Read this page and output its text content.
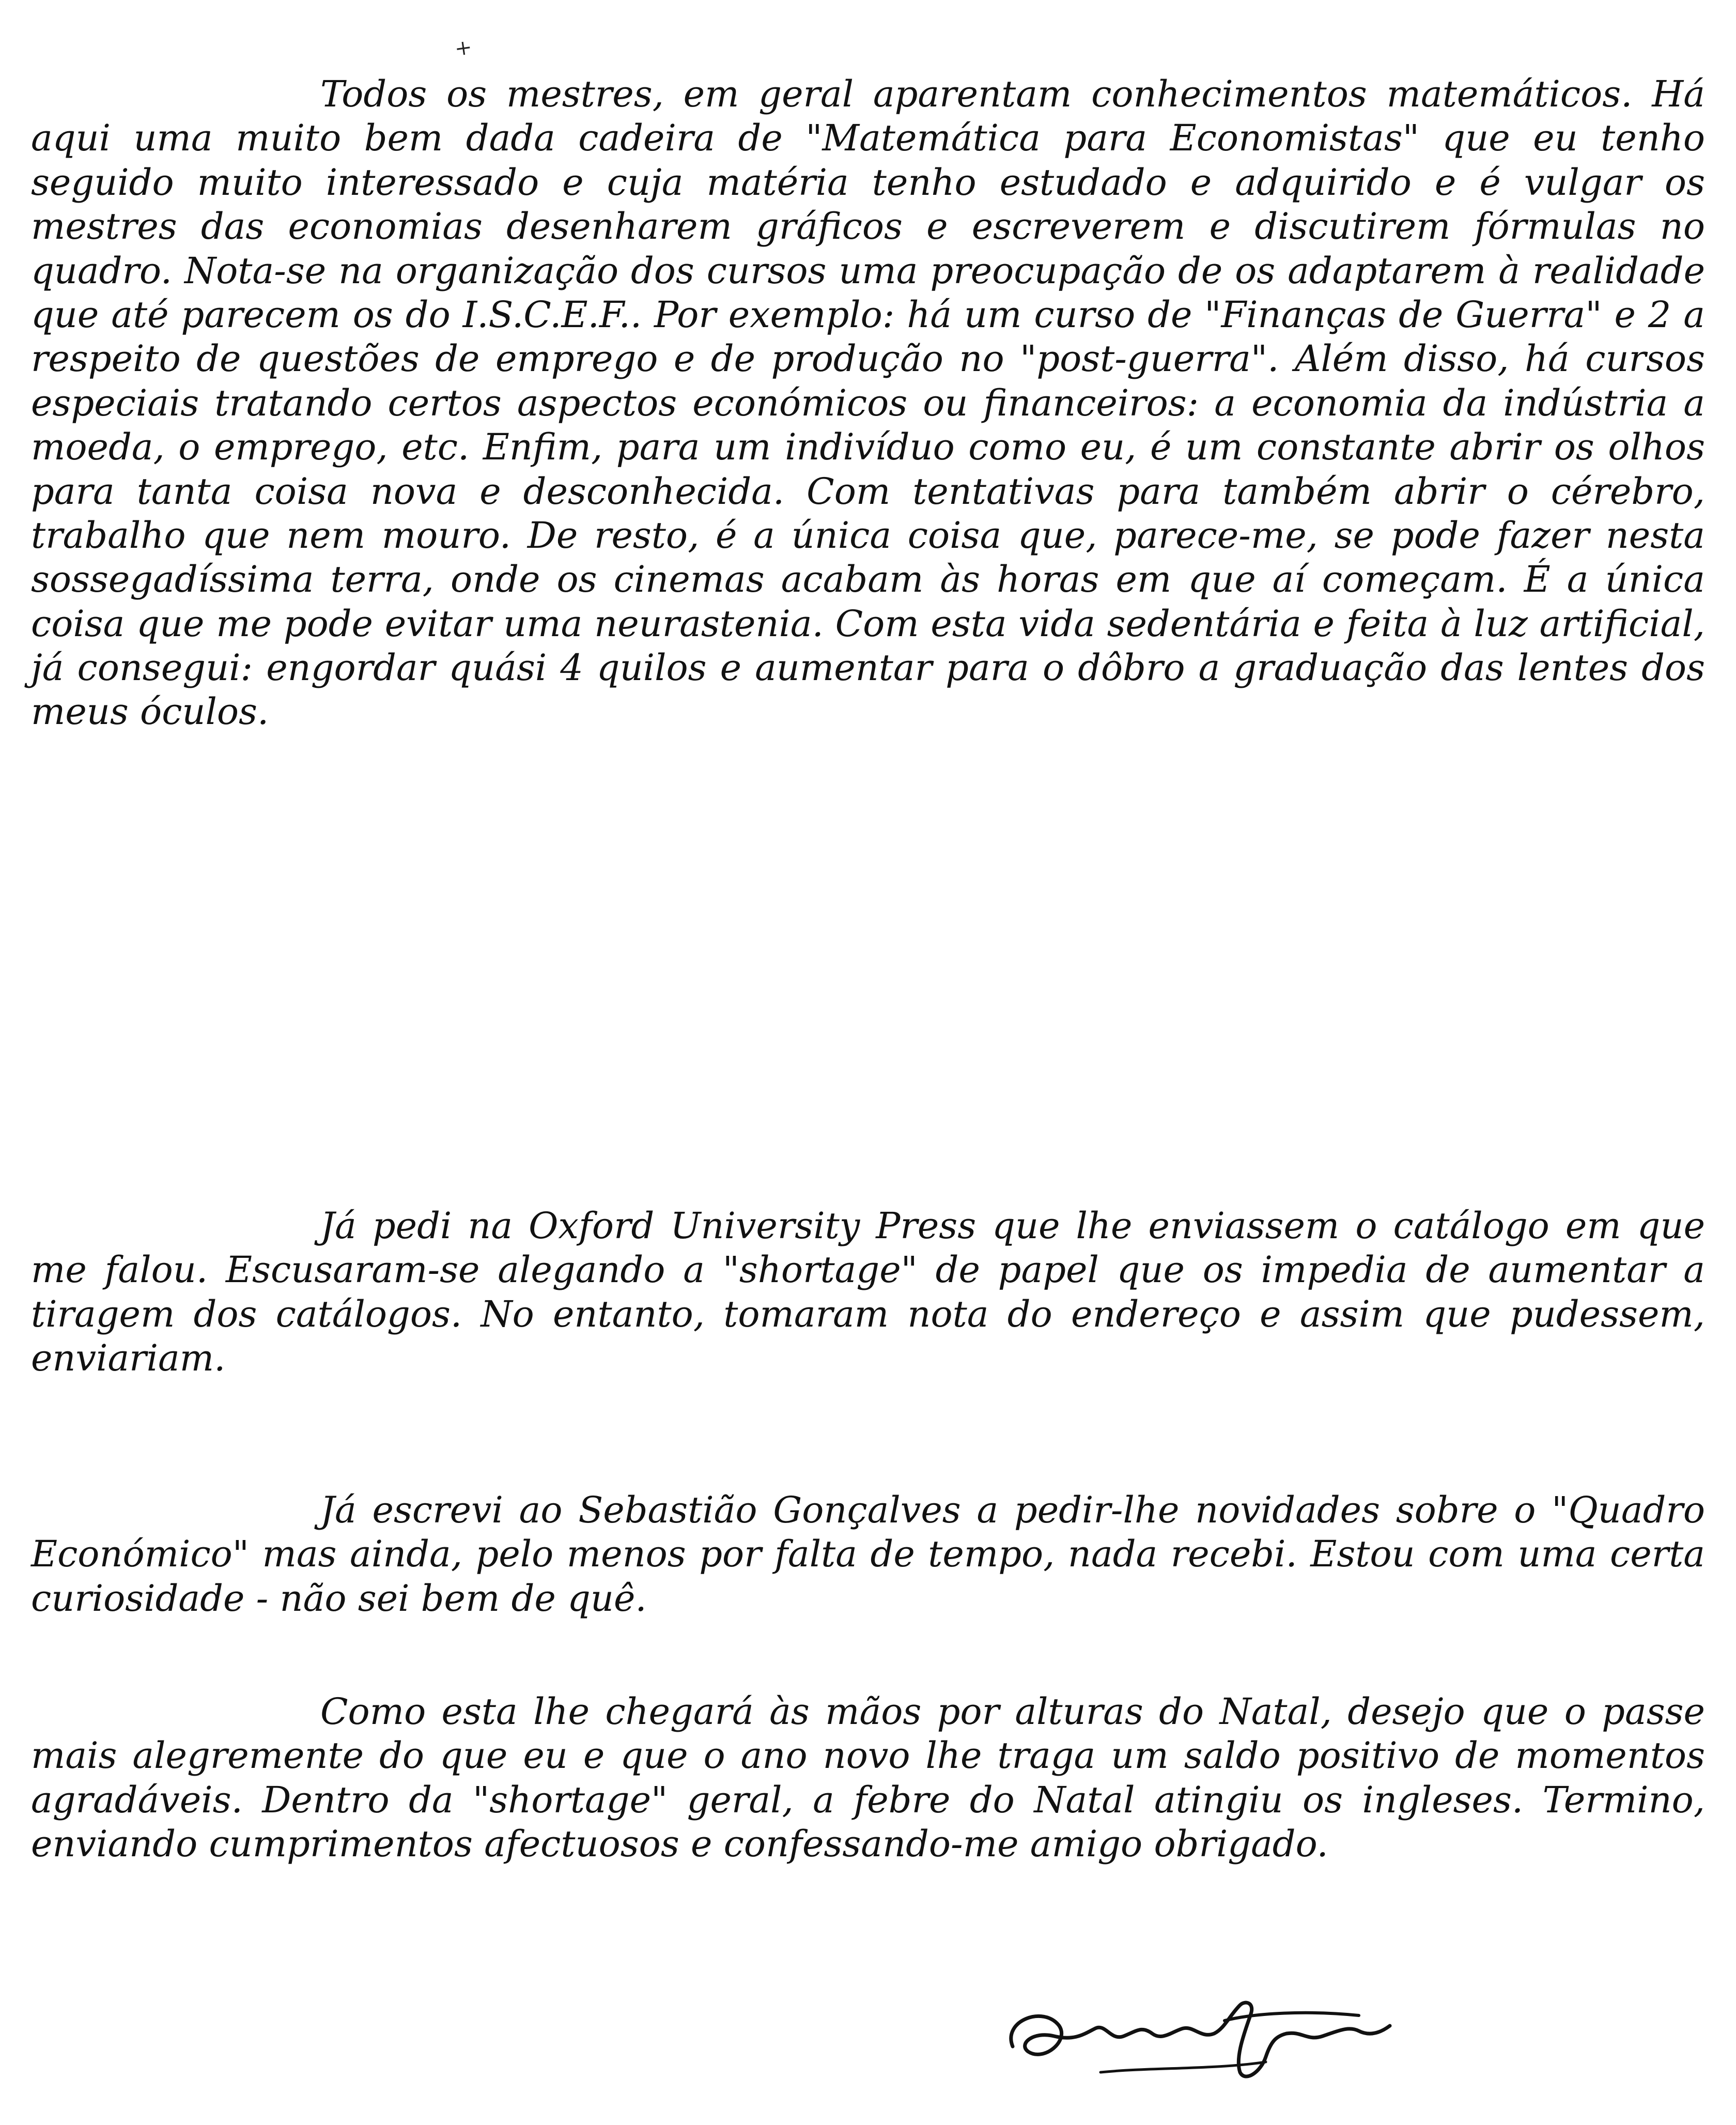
+
Todos os mestres, em geral aparentam conhecimentos matemáticos. Há aqui uma muito bem dada cadeira de "Matemática para Economistas" que eu tenho seguido muito interessado e cuja matéria tenho estudado e adquirido e é vulgar os mestres das economias desenharem gráficos e escreverem e discutirem fórmulas no quadro. Nota-se na organização dos cursos uma preocupação de os adaptarem à realidade que até parecem os do I.S.C.E.F.. Por exemplo: há um curso de "Finanças de Guerra" e 2 a respeito de questões de emprego e de produção no "post-guerra". Além disso, há cursos especiais tratando certos aspectos económicos ou financeiros: a economia da indústria a moeda, o emprego, etc. Enfim, para um indivíduo como eu, é um constante abrir os olhos para tanta coisa nova e desconhecida. Com tentativas para também abrir o cérebro, trabalho que nem mouro. De resto, é a única coisa que, parece-me, se pode fazer nesta sossegadíssima terra, onde os cinemas acabam às horas em que aí começam. É a única coisa que me pode evitar uma neurastenia. Com esta vida sedentária e feita à luz artificial, já consegui: engordar quási 4 quilos e aumentar para o dôbro a graduação das lentes dos meus óculos.
Já pedi na Oxford University Press que lhe enviassem o catálogo em que me falou. Escusaram-se alegando a "shortage" de papel que os impedia de aumentar a tiragem dos catálogos. No entanto, tomaram nota do endereço e assim que pudessem, enviariam.
Já escrevi ao Sebastião Gonçalves a pedir-lhe novidades sobre o "Quadro Económico" mas ainda, pelo menos por falta de tempo, nada recebi. Estou com uma certa curiosidade - não sei bem de quê.
Como esta lhe chegará às mãos por alturas do Natal, desejo que o passe mais alegremente do que eu e que o ano novo lhe traga um saldo positivo de momentos agradáveis. Dentro da "shortage" geral, a febre do Natal atingiu os ingleses. Termino, enviando cumprimentos afectuosos e confessando-me amigo obrigado.
